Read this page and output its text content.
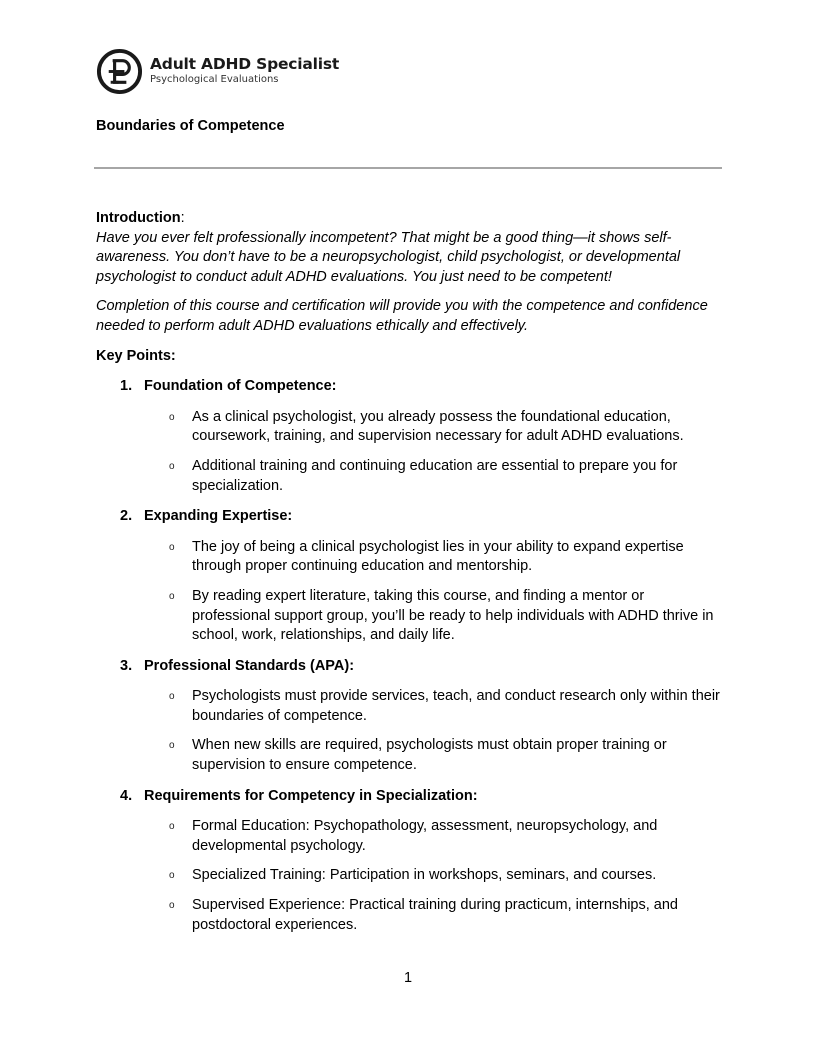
Adult ADHD Specialist
Psychological Evaluations
Boundaries of Competence
Introduction:
Have you ever felt professionally incompetent? That might be a good thing—it shows self-awareness. You don’t have to be a neuropsychologist, child psychologist, or developmental psychologist to conduct adult ADHD evaluations. You just need to be competent!
Completion of this course and certification will provide you with the competence and confidence needed to perform adult ADHD evaluations ethically and effectively.
Key Points:
1. Foundation of Competence:
o	As a clinical psychologist, you already possess the foundational education, coursework, training, and supervision necessary for adult ADHD evaluations.
o	Additional training and continuing education are essential to prepare you for specialization.
2. Expanding Expertise:
o	The joy of being a clinical psychologist lies in your ability to expand expertise through proper continuing education and mentorship.
o	By reading expert literature, taking this course, and finding a mentor or professional support group, you’ll be ready to help individuals with ADHD thrive in school, work, relationships, and daily life.
3. Professional Standards (APA):
o	Psychologists must provide services, teach, and conduct research only within their boundaries of competence.
o	When new skills are required, psychologists must obtain proper training or supervision to ensure competence.
4. Requirements for Competency in Specialization:
o	Formal Education: Psychopathology, assessment, neuropsychology, and developmental psychology.
o	Specialized Training: Participation in workshops, seminars, and courses.
o	Supervised Experience: Practical training during practicum, internships, and postdoctoral experiences.
1
